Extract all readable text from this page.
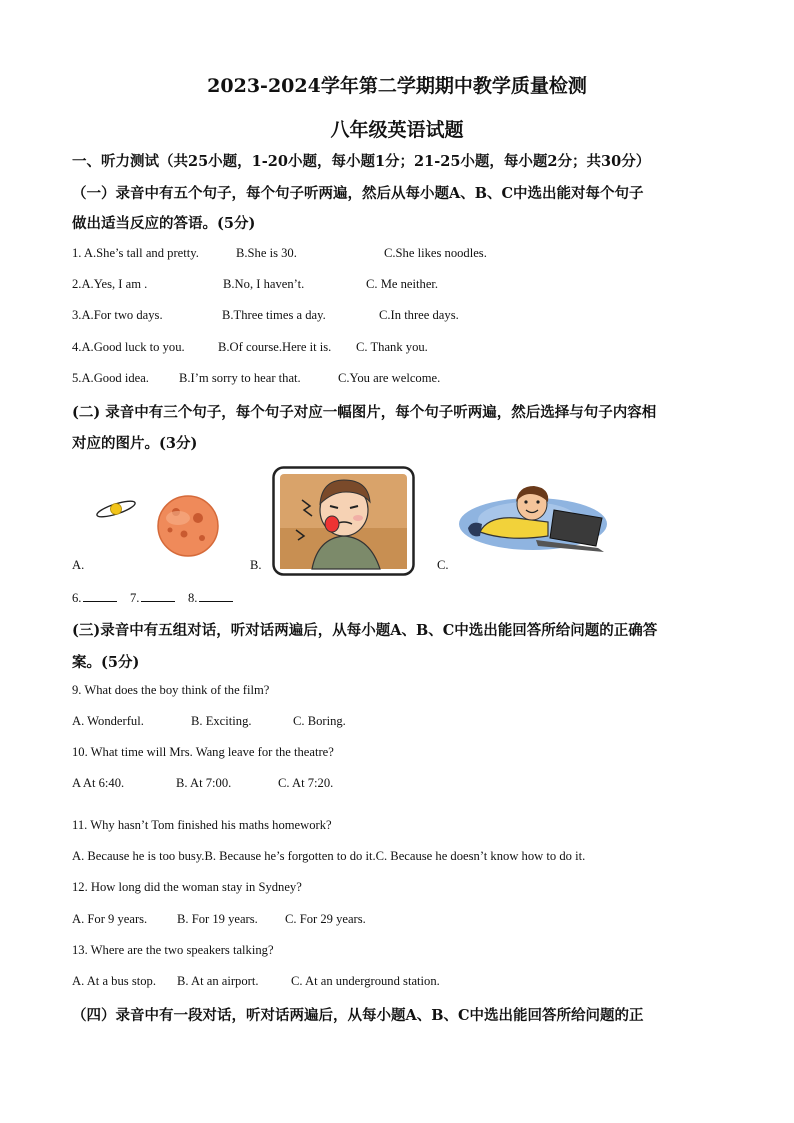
2023-2024学年第二学期期中教学质量检测
八年级英语试题
一、听力测试（共25小题，1-20小题，每小题1分；21-25小题，每小题2分；共30分）
（一）录音中有五个句子，每个句子听两遍，然后从每小题A、B、C中选出能对每个句子
做出适当反应的答语。(5分)
1. A.She’s tall and pretty.	B.She is 30.	C.She likes noodles.
2.A.Yes, I am .	B.No, I haven’t.	C. Me neither.
3.A.For two days.	B.Three times a day.	C.In three days.
4.A.Good luck to you.	B.Of course.Here it is. C. Thank you.
5.A.Good idea. B.I’m sorry to hear that.	C.You are welcome.
(二) 录音中有三个句子，每个句子对应一幅图片，每个句子听两遍，然后选择与句子内容相
对应的图片。(3分)
A.	B.	C.
6.	7.	8.
(三)录音中有五组对话，听对话两遍后，从每小题A、B、C中选出能回答所给问题的正确答
案。(5分)
9. What does the boy think of the film?
A. Wonderful.	B. Exciting.	C. Boring.
10. What time will Mrs. Wang leave for the theatre?
A At 6:40.	B. At 7:00.	C. At 7:20.
11. Why hasn’t Tom finished his maths homework?
A. Because he is too busy.B. Because he’s forgotten to do it.C. Because he doesn’t know how to do it.
12. How long did the woman stay in Sydney?
A. For 9 years. B. For 19 years. C. For 29 years.
13. Where are the two speakers talking?
A. At a bus stop. B. At an airport.	C. At an underground station.
（四）录音中有一段对话，听对话两遍后，从每小题A、B、C中选出能回答所给问题的正
